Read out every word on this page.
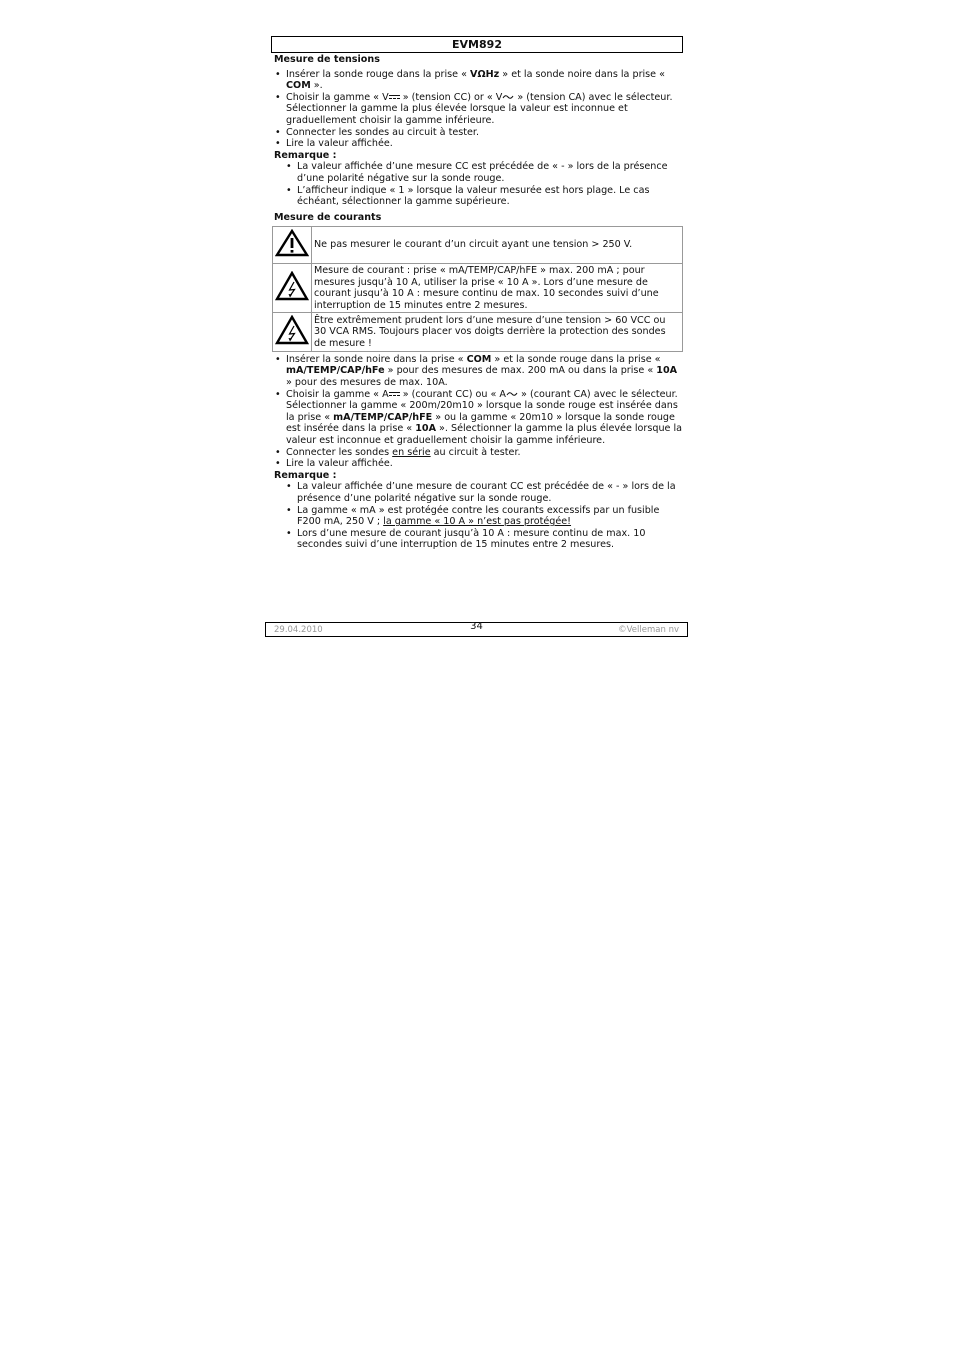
EVM892
Mesure de tensions
• Insérer la sonde rouge dans la prise « VΩHz » et la sonde noire dans la prise « COM ».
• Choisir la gamme « V » (tension CC) or « V » (tension CA) avec le sélecteur. Sélectionner la gamme la plus élevée lorsque la valeur est inconnue et graduellement choisir la gamme inférieure.
• Connecter les sondes au circuit à tester.
• Lire la valeur affichée.
Remarque :
• La valeur affichée d’une mesure CC est précédée de « - » lors de la présence d’une polarité négative sur la sonde rouge.
• L’afficheur indique « 1 » lorsque la valeur mesurée est hors plage. Le cas échéant, sélectionner la gamme supérieure.
Mesure de courants
	Ne pas mesurer le courant d’un circuit ayant une tension > 250 V.
	Mesure de courant : prise « mA/TEMP/CAP/hFE » max. 200 mA ; pour mesures jusqu’à 10 A, utiliser la prise « 10 A ». Lors d’une mesure de courant jusqu’à 10 A : mesure continu de max. 10 secondes suivi d’une interruption de 15 minutes entre 2 mesures.
	Être extrêmement prudent lors d’une mesure d’une tension > 60 VCC ou 30 VCA RMS. Toujours placer vos doigts derrière la protection des sondes de mesure !
• Insérer la sonde noire dans la prise « COM » et la sonde rouge dans la prise « mA/TEMP/CAP/hFe » pour des mesures de max. 200 mA ou dans la prise « 10A » pour des mesures de max. 10A.
• Choisir la gamme « A » (courant CC) ou « A » (courant CA) avec le sélecteur. Sélectionner la gamme « 200m/20m10 » lorsque la sonde rouge est insérée dans la prise « mA/TEMP/CAP/hFE » ou la gamme « 20m10 » lorsque la sonde rouge est insérée dans la prise « 10A ». Sélectionner la gamme la plus élevée lorsque la valeur est inconnue et graduellement choisir la gamme inférieure.
• Connecter les sondes en série au circuit à tester.
• Lire la valeur affichée.
Remarque :
• La valeur affichée d’une mesure de courant CC est précédée de « - » lors de la présence d’une polarité négative sur la sonde rouge.
• La gamme « mA » est protégée contre les courants excessifs par un fusible F200 mA, 250 V ; la gamme « 10 A » n’est pas protégée!
• Lors d’une mesure de courant jusqu’à 10 A : mesure continu de max. 10 secondes suivi d’une interruption de 15 minutes entre 2 mesures.
29.04.2010	34	©Velleman nv
